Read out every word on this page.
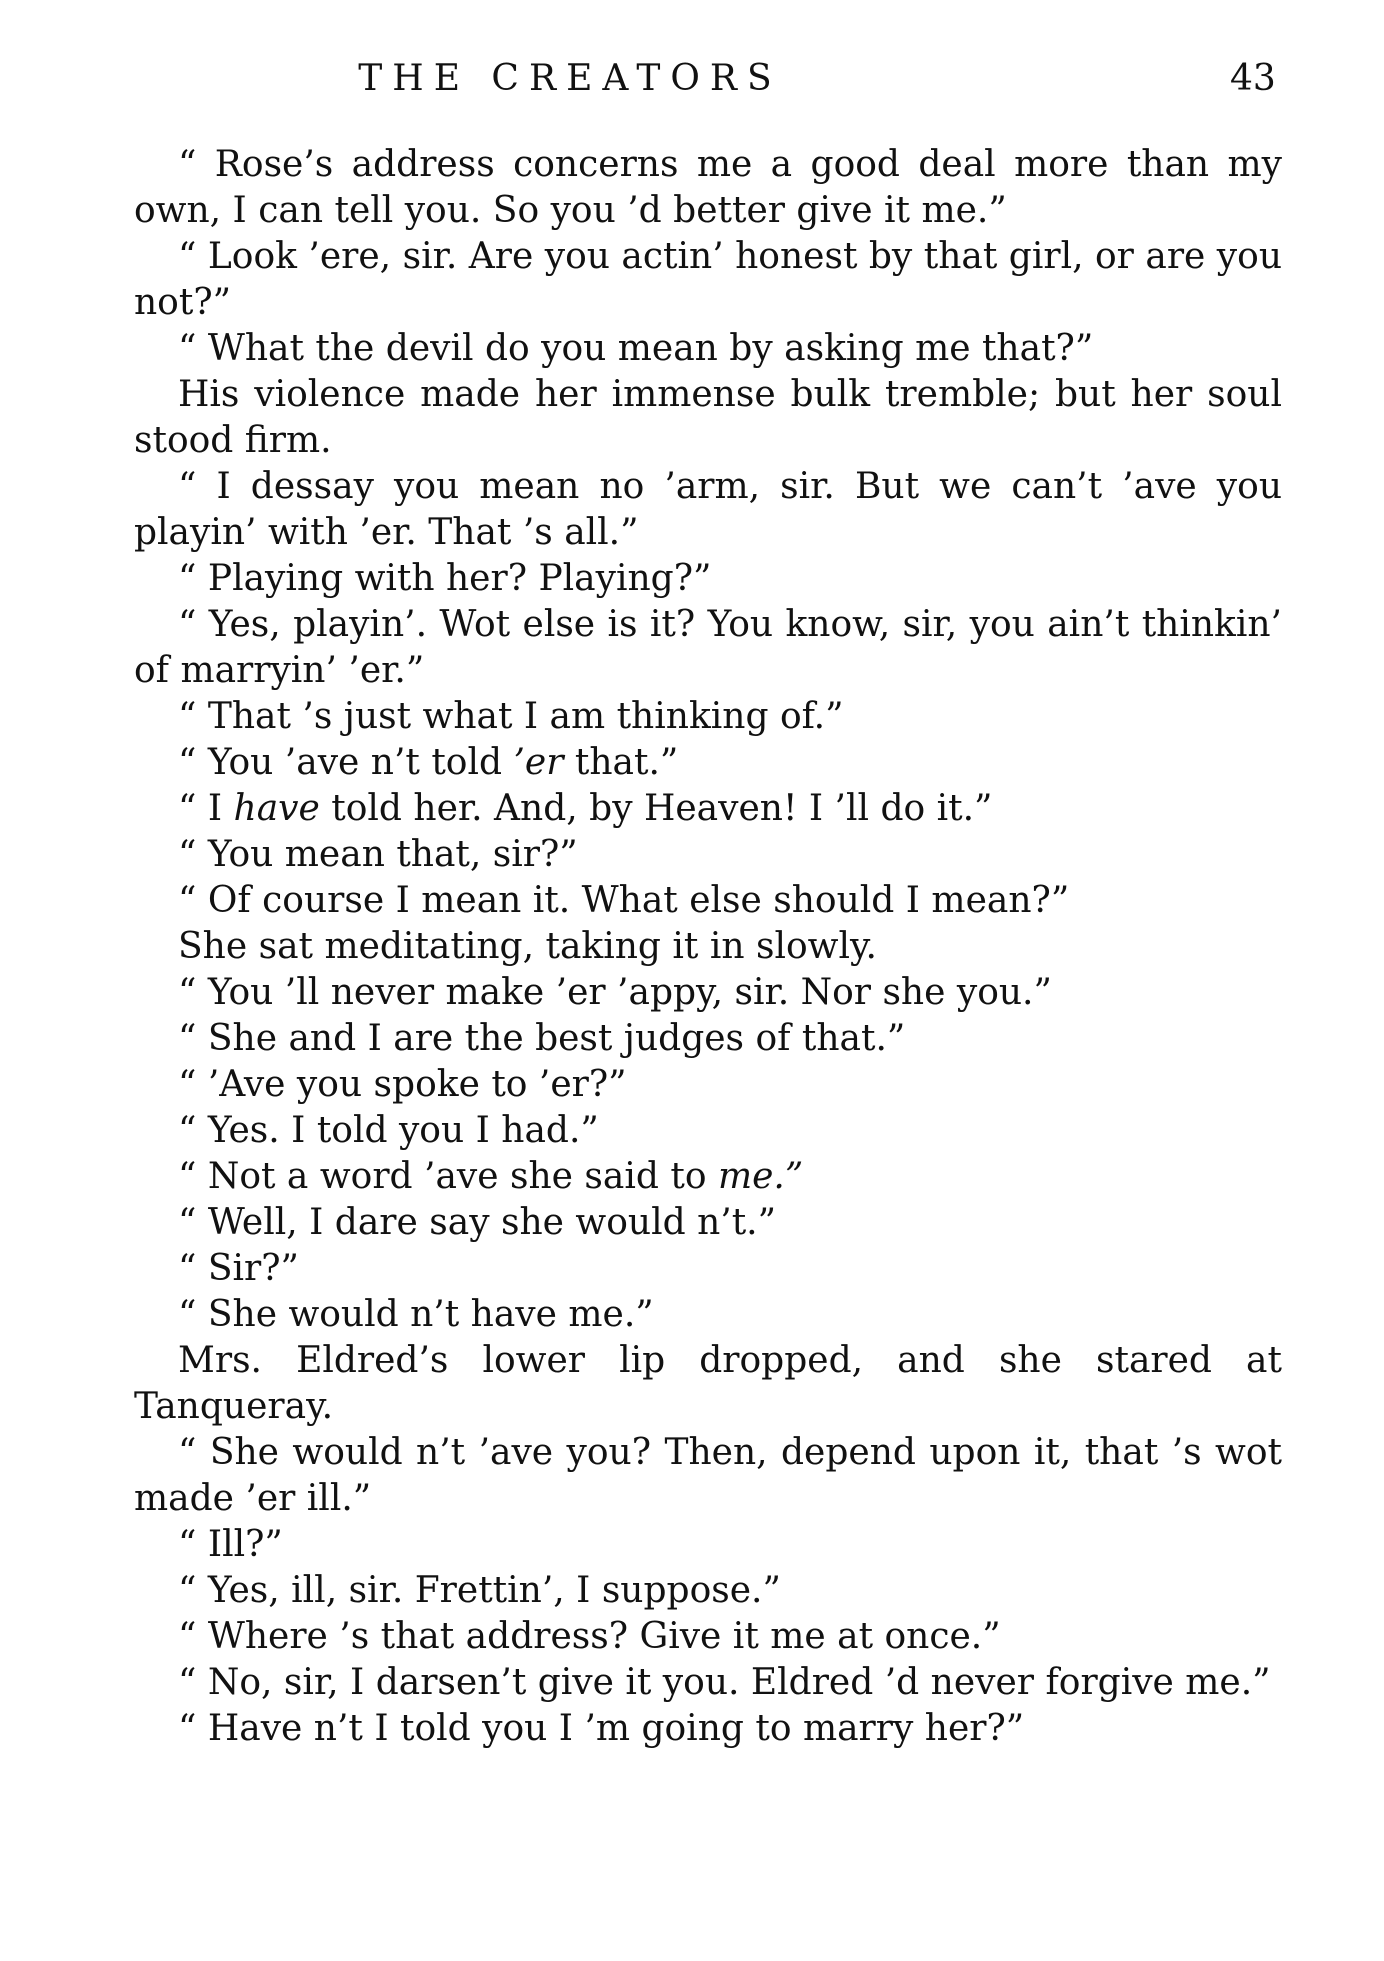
THE CREATORS	43

“ Rose’s address concerns me a good deal more than my own, I can tell you. So you ’d better give it me.”

“ Look ’ere, sir. Are you actin’ honest by that girl, or are you not?”

“ What the devil do you mean by asking me that?”

His violence made her immense bulk tremble; but her soul stood firm.

“ I dessay you mean no ’arm, sir. But we can’t ’ave you playin’ with ’er. That ’s all.”

“ Playing with her? Playing?”

“ Yes, playin’. Wot else is it? You know, sir, you ain’t thinkin’ of marryin’ ’er.”

“ That ’s just what I am thinking of.”

“ You ’ave n’t told ’er that.”

“ I have told her. And, by Heaven! I ’ll do it.”

“ You mean that, sir?”

“ Of course I mean it. What else should I mean?”

She sat meditating, taking it in slowly.

“ You ’ll never make ’er ’appy, sir. Nor she you.”

“ She and I are the best judges of that.”

“ ’Ave you spoke to ’er?”

“ Yes. I told you I had.”

“ Not a word ’ave she said to me.”

“ Well, I dare say she would n’t.”

“ Sir?”

“ She would n’t have me.”

Mrs. Eldred’s lower lip dropped, and she stared at Tanqueray.

“ She would n’t ’ave you? Then, depend upon it, that ’s wot made ’er ill.”

“ Ill?”

“ Yes, ill, sir. Frettin’, I suppose.”

“ Where ’s that address? Give it me at once.”

“ No, sir, I darsen’t give it you. Eldred ’d never forgive me.”

“ Have n’t I told you I ’m going to marry her?”
